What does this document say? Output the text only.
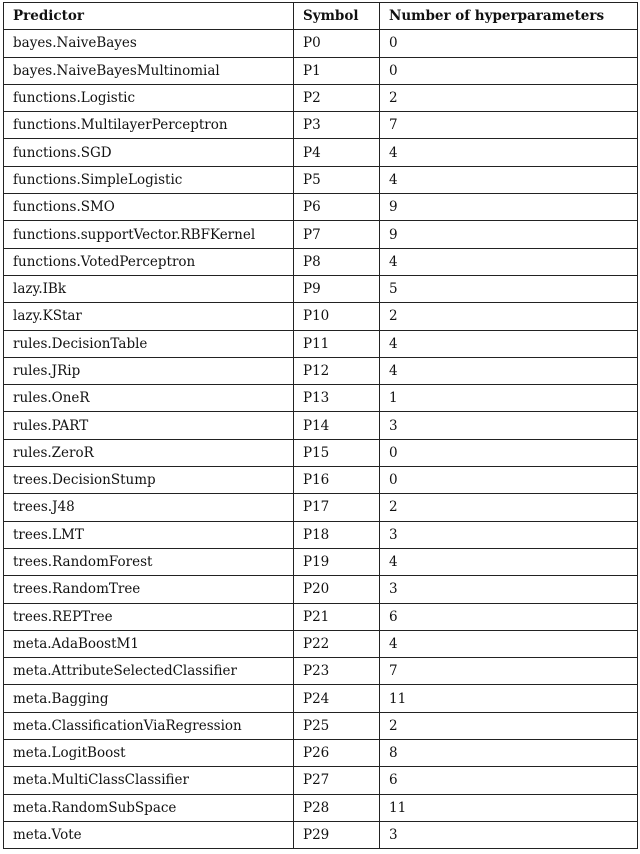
Predictor	Symbol	Number of hyperparameters
bayes.NaiveBayes	P0	0
bayes.NaiveBayesMultinomial	P1	0
functions.Logistic	P2	2
functions.MultilayerPerceptron	P3	7
functions.SGD	P4	4
functions.SimpleLogistic	P5	4
functions.SMO	P6	9
functions.supportVector.RBFKernel	P7	9
functions.VotedPerceptron	P8	4
lazy.IBk	P9	5
lazy.KStar	P10	2
rules.DecisionTable	P11	4
rules.JRip	P12	4
rules.OneR	P13	1
rules.PART	P14	3
rules.ZeroR	P15	0
trees.DecisionStump	P16	0
trees.J48	P17	2
trees.LMT	P18	3
trees.RandomForest	P19	4
trees.RandomTree	P20	3
trees.REPTree	P21	6
meta.AdaBoostM1	P22	4
meta.AttributeSelectedClassifier	P23	7
meta.Bagging	P24	11
meta.ClassificationViaRegression	P25	2
meta.LogitBoost	P26	8
meta.MultiClassClassifier	P27	6
meta.RandomSubSpace	P28	11
meta.Vote	P29	3
